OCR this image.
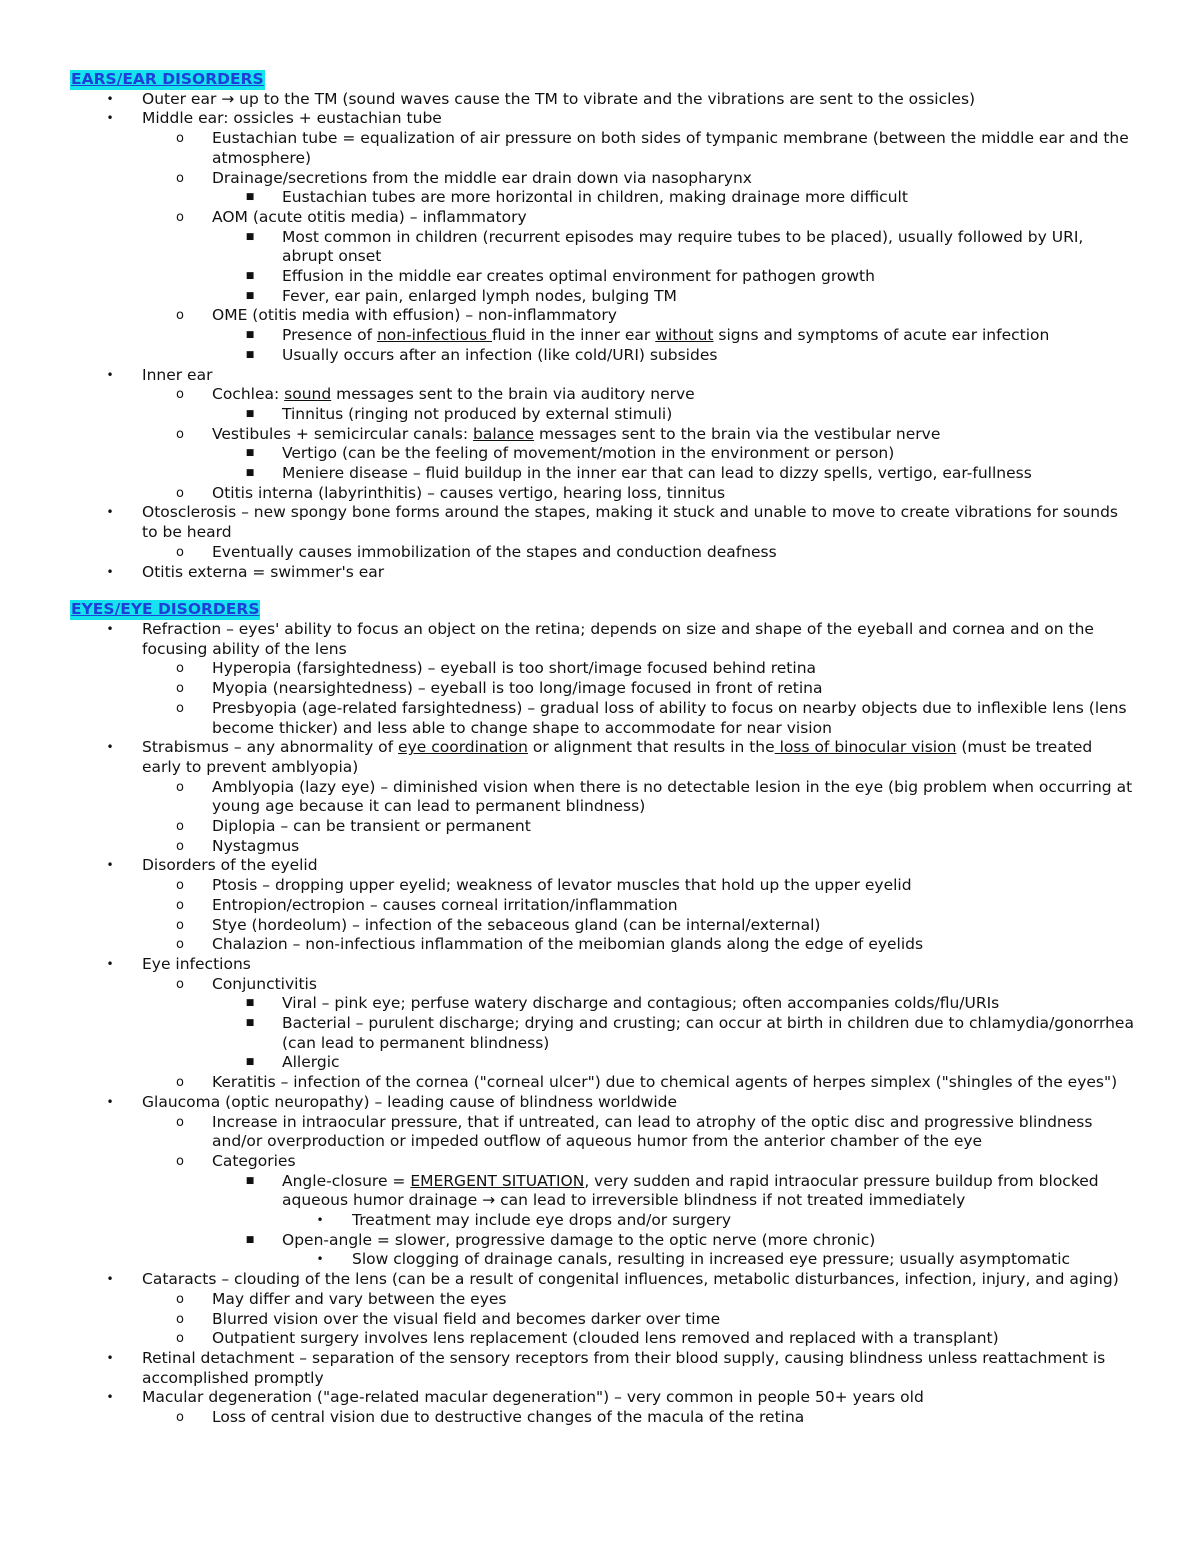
EARS/EAR DISORDERS
• Outer ear → up to the TM (sound waves cause the TM to vibrate and the vibrations are sent to the ossicles)
• Middle ear: ossicles + eustachian tube
o Eustachian tube = equalization of air pressure on both sides of tympanic membrane (between the middle ear and the atmosphere)
o Drainage/secretions from the middle ear drain down via nasopharynx
■ Eustachian tubes are more horizontal in children, making drainage more difficult
o AOM (acute otitis media) – inflammatory
■ Most common in children (recurrent episodes may require tubes to be placed), usually followed by URI, abrupt onset
■ Effusion in the middle ear creates optimal environment for pathogen growth
■ Fever, ear pain, enlarged lymph nodes, bulging TM
o OME (otitis media with effusion) – non-inflammatory
■ Presence of non-infectious fluid in the inner ear without signs and symptoms of acute ear infection
■ Usually occurs after an infection (like cold/URI) subsides
• Inner ear
o Cochlea: sound messages sent to the brain via auditory nerve
■ Tinnitus (ringing not produced by external stimuli)
o Vestibules + semicircular canals: balance messages sent to the brain via the vestibular nerve
■ Vertigo (can be the feeling of movement/motion in the environment or person)
■ Meniere disease – fluid buildup in the inner ear that can lead to dizzy spells, vertigo, ear-fullness
o Otitis interna (labyrinthitis) – causes vertigo, hearing loss, tinnitus
• Otosclerosis – new spongy bone forms around the stapes, making it stuck and unable to move to create vibrations for sounds to be heard
o Eventually causes immobilization of the stapes and conduction deafness
• Otitis externa = swimmer's ear
EYES/EYE DISORDERS
• Refraction – eyes' ability to focus an object on the retina; depends on size and shape of the eyeball and cornea and on the focusing ability of the lens
o Hyperopia (farsightedness) – eyeball is too short/image focused behind retina
o Myopia (nearsightedness) – eyeball is too long/image focused in front of retina
o Presbyopia (age-related farsightedness) – gradual loss of ability to focus on nearby objects due to inflexible lens (lens become thicker) and less able to change shape to accommodate for near vision
• Strabismus – any abnormality of eye coordination or alignment that results in the loss of binocular vision (must be treated early to prevent amblyopia)
o Amblyopia (lazy eye) – diminished vision when there is no detectable lesion in the eye (big problem when occurring at young age because it can lead to permanent blindness)
o Diplopia – can be transient or permanent
o Nystagmus
• Disorders of the eyelid
o Ptosis – dropping upper eyelid; weakness of levator muscles that hold up the upper eyelid
o Entropion/ectropion – causes corneal irritation/inflammation
o Stye (hordeolum) – infection of the sebaceous gland (can be internal/external)
o Chalazion – non-infectious inflammation of the meibomian glands along the edge of eyelids
• Eye infections
o Conjunctivitis
■ Viral – pink eye; perfuse watery discharge and contagious; often accompanies colds/flu/URIs
■ Bacterial – purulent discharge; drying and crusting; can occur at birth in children due to chlamydia/gonorrhea (can lead to permanent blindness)
■ Allergic
o Keratitis – infection of the cornea ("corneal ulcer") due to chemical agents of herpes simplex ("shingles of the eyes")
• Glaucoma (optic neuropathy) – leading cause of blindness worldwide
o Increase in intraocular pressure, that if untreated, can lead to atrophy of the optic disc and progressive blindness and/or overproduction or impeded outflow of aqueous humor from the anterior chamber of the eye
o Categories
■ Angle-closure = EMERGENT SITUATION, very sudden and rapid intraocular pressure buildup from blocked aqueous humor drainage → can lead to irreversible blindness if not treated immediately
• Treatment may include eye drops and/or surgery
■ Open-angle = slower, progressive damage to the optic nerve (more chronic)
• Slow clogging of drainage canals, resulting in increased eye pressure; usually asymptomatic
• Cataracts – clouding of the lens (can be a result of congenital influences, metabolic disturbances, infection, injury, and aging)
o May differ and vary between the eyes
o Blurred vision over the visual field and becomes darker over time
o Outpatient surgery involves lens replacement (clouded lens removed and replaced with a transplant)
• Retinal detachment – separation of the sensory receptors from their blood supply, causing blindness unless reattachment is accomplished promptly
• Macular degeneration ("age-related macular degeneration") – very common in people 50+ years old
o Loss of central vision due to destructive changes of the macula of the retina
